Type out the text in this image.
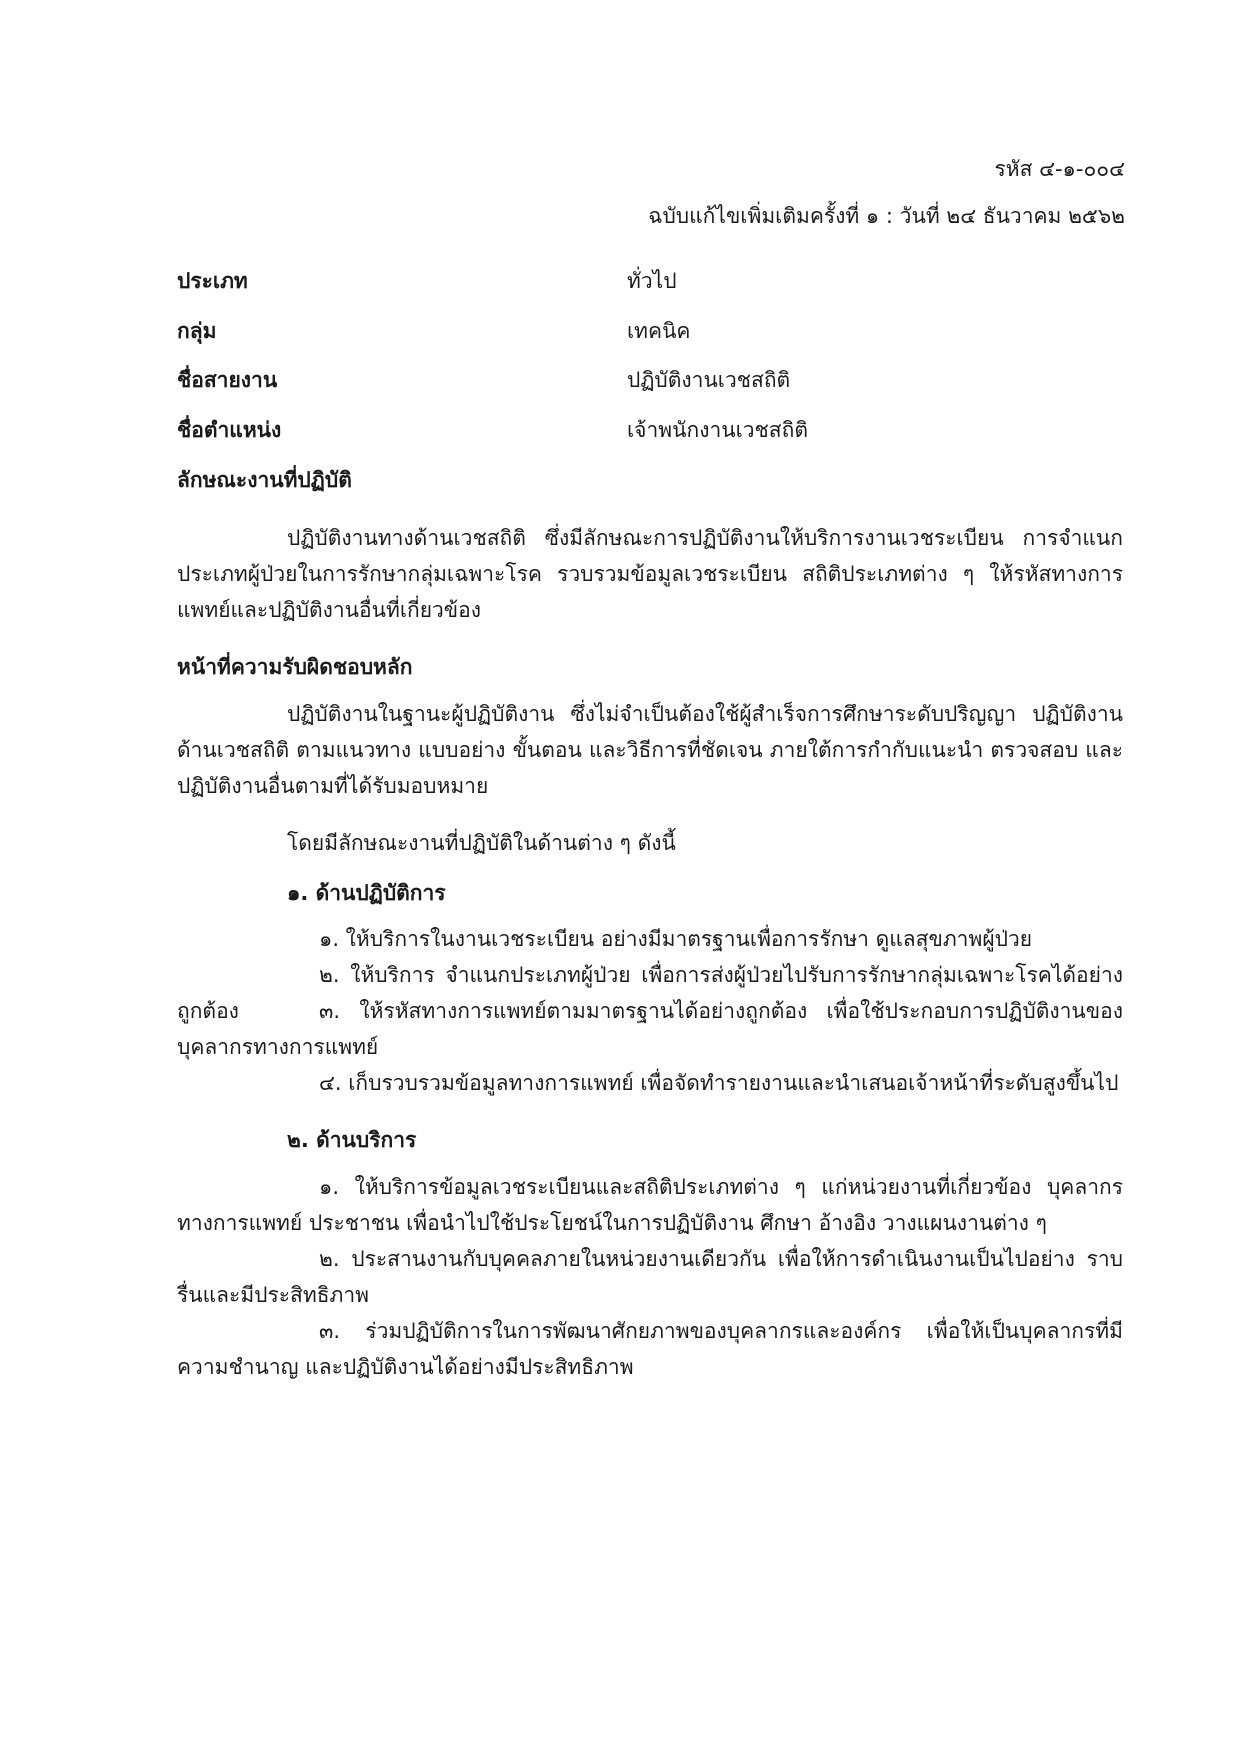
รหัส ๔-๑-๐๐๔
ฉบับแก้ไขเพิ่มเติมครั้งที่ ๑ : วันที่ ๒๔ ธันวาคม ๒๕๖๒
ประเภท	ทั่วไป
กลุ่ม	เทคนิค
ชื่อสายงาน	ปฏิบัติงานเวชสถิติ
ชื่อตำแหน่ง	เจ้าพนักงานเวชสถิติ
ลักษณะงานที่ปฏิบัติ

ปฏิบัติงานทางด้านเวชสถิติ ซึ่งมีลักษณะการปฏิบัติงานให้บริการงานเวชระเบียน การจำแนกประเภทผู้ป่วยในการรักษากลุ่มเฉพาะโรค รวบรวมข้อมูลเวชระเบียน สถิติประเภทต่าง ๆ ให้รหัสทางการแพทย์และปฏิบัติงานอื่นที่เกี่ยวข้อง

หน้าที่ความรับผิดชอบหลัก

ปฏิบัติงานในฐานะผู้ปฏิบัติงาน ซึ่งไม่จำเป็นต้องใช้ผู้สำเร็จการศึกษาระดับปริญญา ปฏิบัติงานด้านเวชสถิติ ตามแนวทาง แบบอย่าง ขั้นตอน และวิธีการที่ชัดเจน ภายใต้การกำกับแนะนำ ตรวจสอบ และปฏิบัติงานอื่นตามที่ได้รับมอบหมาย

โดยมีลักษณะงานที่ปฏิบัติในด้านต่าง ๆ ดังนี้
๑. ด้านปฏิบัติการ

๑. ให้บริการในงานเวชระเบียน อย่างมีมาตรฐานเพื่อการรักษา ดูแลสุขภาพผู้ป่วย

๒. ให้บริการ จำแนกประเภทผู้ป่วย เพื่อการส่งผู้ป่วยไปรับการรักษากลุ่มเฉพาะโรคได้อย่างถูกต้อง	๓. ให้รหัสทางการแพทย์ตามมาตรฐานได้อย่างถูกต้อง เพื่อใช้ประกอบการปฏิบัติงานของบุคลากรทางการแพทย์

๔. เก็บรวบรวมข้อมูลทางการแพทย์ เพื่อจัดทำรายงานและนำเสนอเจ้าหน้าที่ระดับสูงขึ้นไป

๒. ด้านบริการ

๑. ให้บริการข้อมูลเวชระเบียนและสถิติประเภทต่าง ๆ แก่หน่วยงานที่เกี่ยวข้อง บุคลากรทางการแพทย์ ประชาชน เพื่อนำไปใช้ประโยชน์ในการปฏิบัติงาน ศึกษา อ้างอิง วางแผนงานต่าง ๆ

๒. ประสานงานกับบุคคลภายในหน่วยงานเดียวกัน เพื่อให้การดำเนินงานเป็นไปอย่าง ราบรื่นและมีประสิทธิภาพ

๓. ร่วมปฏิบัติการในการพัฒนาศักยภาพของบุคลากรและองค์กร เพื่อให้เป็นบุคลากรที่มีความชำนาญ และปฏิบัติงานได้อย่างมีประสิทธิภาพ
